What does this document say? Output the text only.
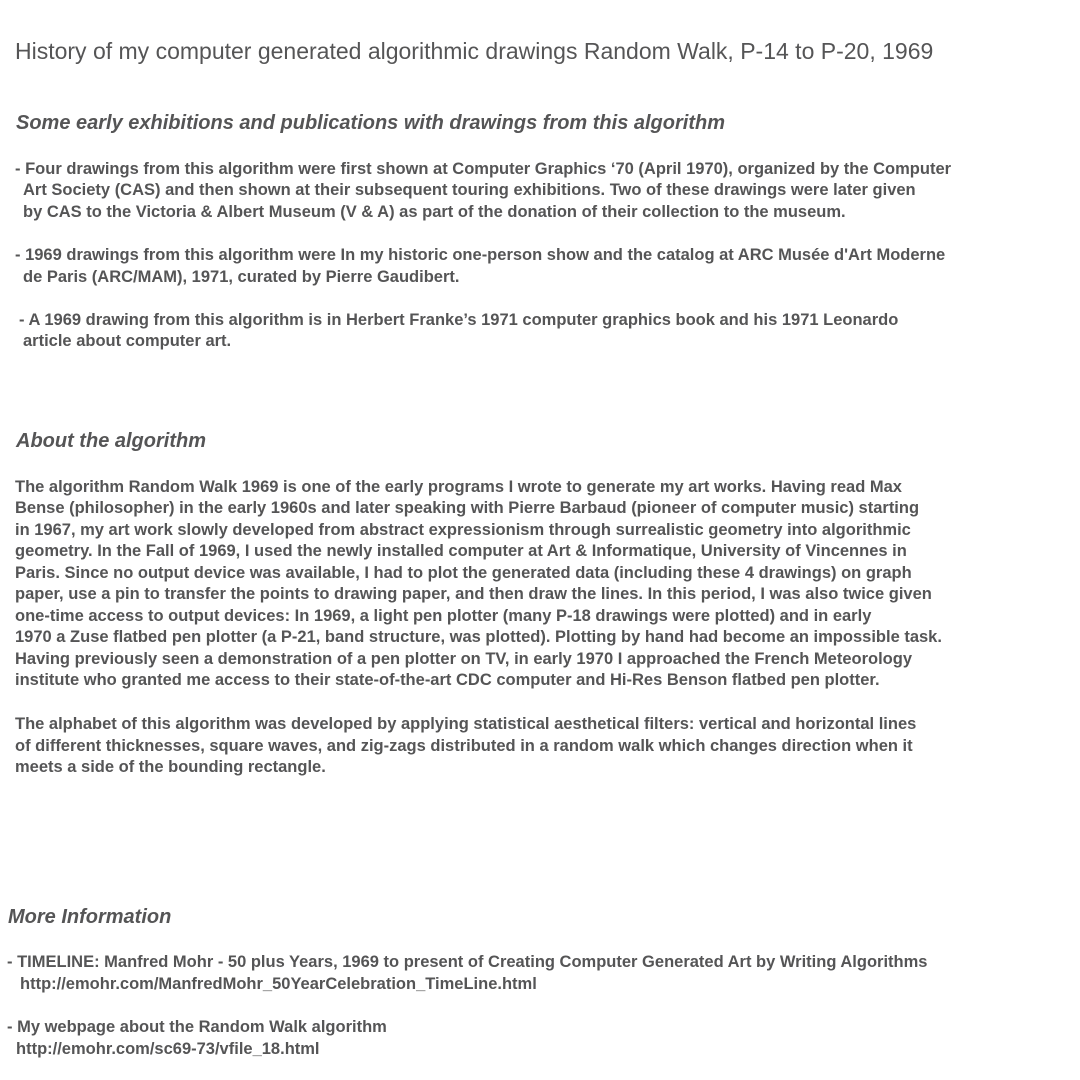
History of my computer generated algorithmic drawings Random Walk, P-14 to P-20, 1969
Some early exhibitions and publications with drawings from this algorithm

- Four drawings from this algorithm were first shown at Computer Graphics ‘70 (April 1970), organized by the Computer

Art Society (CAS) and then shown at their subsequent touring exhibitions. Two of these drawings were later given

by CAS to the Victoria & Albert Museum (V & A) as part of the donation of their collection to the museum.

- 1969 drawings from this algorithm were In my historic one-person show and the catalog at ARC Musée d'Art Moderne

de Paris (ARC/MAM), 1971, curated by Pierre Gaudibert.

- A 1969 drawing from this algorithm is in Herbert Franke’s 1971 computer graphics book and his 1971 Leonardo

article about computer art.

About the algorithm

The algorithm Random Walk 1969 is one of the early programs I wrote to generate my art works. Having read Max

Bense (philosopher) in the early 1960s and later speaking with Pierre Barbaud (pioneer of computer music) starting

in 1967, my art work slowly developed from abstract expressionism through surrealistic geometry into algorithmic

geometry. In the Fall of 1969, I used the newly installed computer at Art & Informatique, University of Vincennes in

Paris. Since no output device was available, I had to plot the generated data (including these 4 drawings) on graph

paper, use a pin to transfer the points to drawing paper, and then draw the lines. In this period, I was also twice given

one-time access to output devices: In 1969, a light pen plotter (many P-18 drawings were plotted) and in early

1970 a Zuse flatbed pen plotter (a P-21, band structure, was plotted). Plotting by hand had become an impossible task.

Having previously seen a demonstration of a pen plotter on TV, in early 1970 I approached the French Meteorology

institute who granted me access to their state-of-the-art CDC computer and Hi-Res Benson flatbed pen plotter.

The alphabet of this algorithm was developed by applying statistical aesthetical filters: vertical and horizontal lines

of different thicknesses, square waves, and zig-zags distributed in a random walk which changes direction when it

meets a side of the bounding rectangle.

More Information

- TIMELINE: Manfred Mohr - 50 plus Years, 1969 to present of Creating Computer Generated Art by Writing Algorithms

http://emohr.com/ManfredMohr_50YearCelebration_TimeLine.html

- My webpage about the Random Walk algorithm

http://emohr.com/sc69-73/vfile_18.html
